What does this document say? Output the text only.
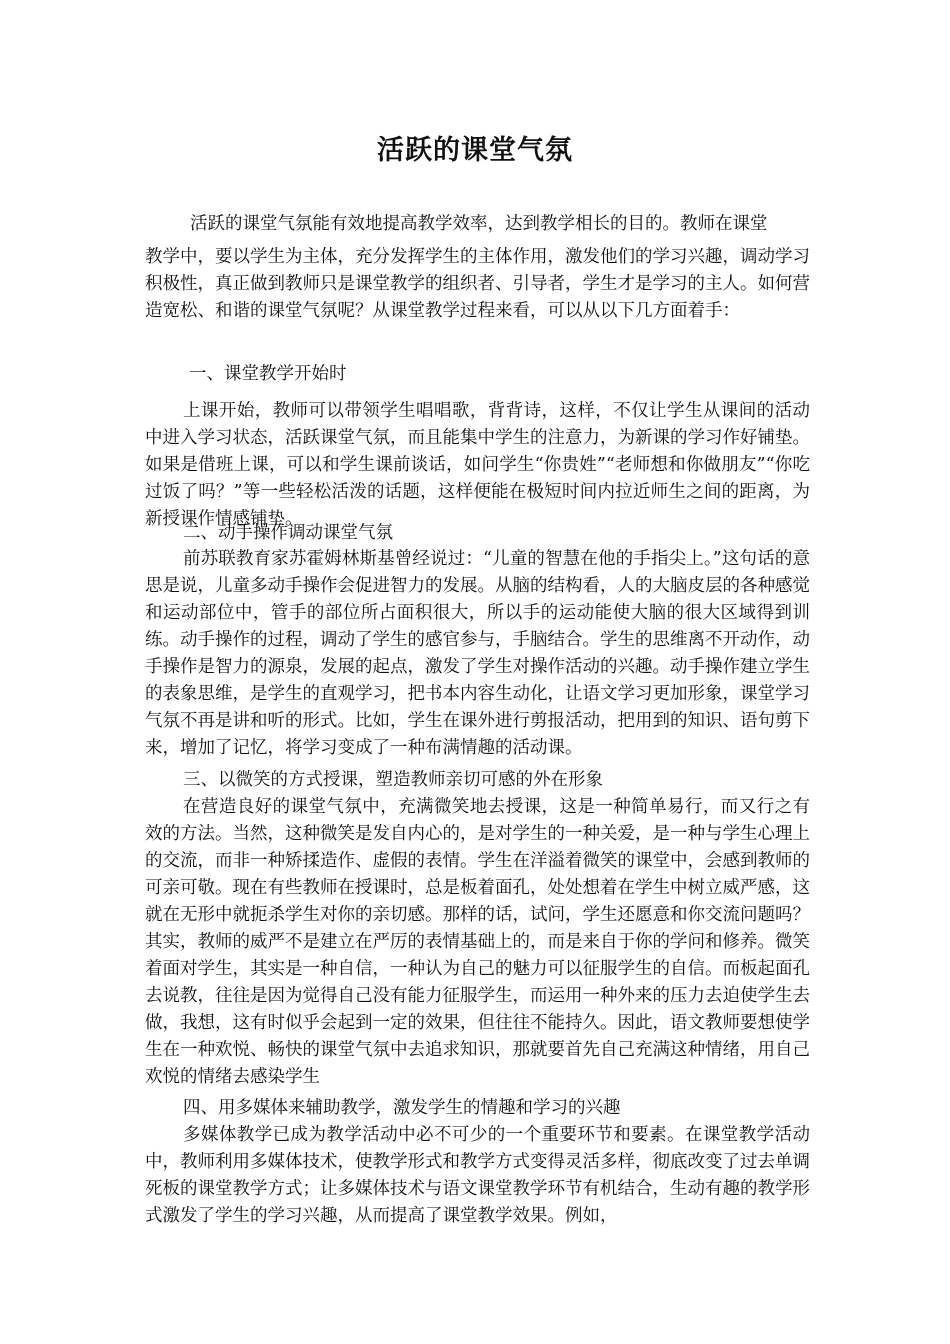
活跃的课堂气氛

活跃的课堂气氛能有效地提高教学效率，达到教学相长的目的。教师在课堂

教学中，要以学生为主体，充分发挥学生的主体作用，激发他们的学习兴趣，调动学习积极性，真正做到教师只是课堂教学的组织者、引导者，学生才是学习的主人。如何营造宽松、和谐的课堂气氛呢？从课堂教学过程来看，可以从以下几方面着手：

一、课堂教学开始时

上课开始，教师可以带领学生唱唱歌，背背诗，这样，不仅让学生从课间的活动中进入学习状态，活跃课堂气氛，而且能集中学生的注意力，为新课的学习作好铺垫。如果是借班上课，可以和学生课前谈话，如问学生“你贵姓”“老师想和你做朋友”“你吃过饭了吗？”等一些轻松活泼的话题，这样便能在极短时间内拉近师生之间的距离，为新授课作情感铺垫。

二、动手操作调动课堂气氛

前苏联教育家苏霍姆林斯基曾经说过：“儿童的智慧在他的手指尖上。”这句话的意思是说，儿童多动手操作会促进智力的发展。从脑的结构看，人的大脑皮层的各种感觉和运动部位中，管手的部位所占面积很大，所以手的运动能使大脑的很大区域得到训练。动手操作的过程，调动了学生的感官参与，手脑结合。学生的思维离不开动作，动手操作是智力的源泉，发展的起点，激发了学生对操作活动的兴趣。动手操作建立学生的表象思维，是学生的直观学习，把书本内容生动化，让语文学习更加形象，课堂学习气氛不再是讲和听的形式。比如，学生在课外进行剪报活动，把用到的知识、语句剪下来，增加了记忆，将学习变成了一种布满情趣的活动课。

三、以微笑的方式授课，塑造教师亲切可感的外在形象

在营造良好的课堂气氛中，充满微笑地去授课，这是一种简单易行，而又行之有效的方法。当然，这种微笑是发自内心的，是对学生的一种关爱，是一种与学生心理上的交流，而非一种矫揉造作、虚假的表情。学生在洋溢着微笑的课堂中，会感到教师的可亲可敬。现在有些教师在授课时，总是板着面孔，处处想着在学生中树立威严感，这就在无形中就扼杀学生对你的亲切感。那样的话，试问，学生还愿意和你交流问题吗？其实，教师的威严不是建立在严厉的表情基础上的，而是来自于你的学问和修养。微笑着面对学生，其实是一种自信，一种认为自己的魅力可以征服学生的自信。而板起面孔去说教，往往是因为觉得自己没有能力征服学生，而运用一种外来的压力去迫使学生去做，我想，这有时似乎会起到一定的效果，但往往不能持久。因此，语文教师要想使学生在一种欢悦、畅快的课堂气氛中去追求知识，那就要首先自己充满这种情绪，用自己欢悦的情绪去感染学生

四、用多媒体来辅助教学，激发学生的情趣和学习的兴趣

多媒体教学已成为教学活动中必不可少的一个重要环节和要素。在课堂教学活动中，教师利用多媒体技术，使教学形式和教学方式变得灵活多样，彻底改变了过去单调死板的课堂教学方式；让多媒体技术与语文课堂教学环节有机结合，生动有趣的教学形式激发了学生的学习兴趣，从而提高了课堂教学效果。例如，
